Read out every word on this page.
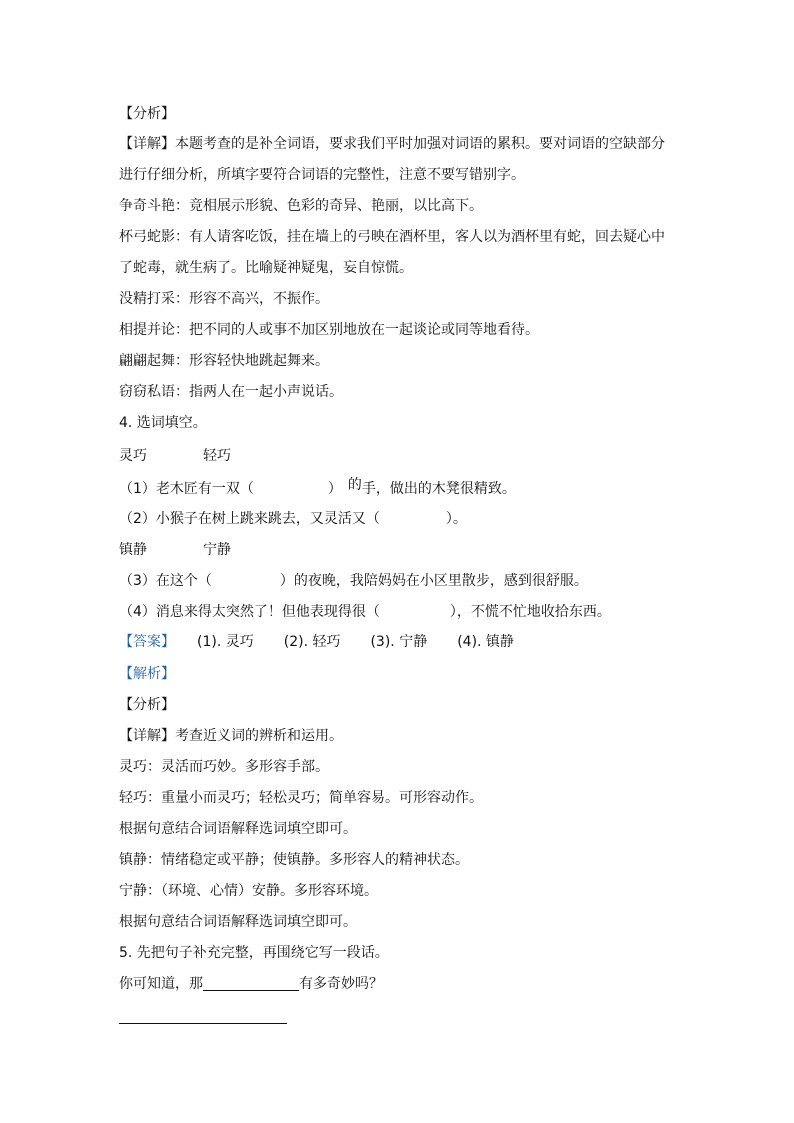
【分析】
【详解】本题考查的是补全词语，要求我们平时加强对词语的累积。要对词语的空缺部分
进行仔细分析，所填字要符合词语的完整性，注意不要写错别字。
争奇斗艳：竞相展示形貌、色彩的奇异、艳丽，以比高下。
杯弓蛇影：有人请客吃饭，挂在墙上的弓映在酒杯里，客人以为酒杯里有蛇，回去疑心中
了蛇毒，就生病了。比喻疑神疑鬼，妄自惊慌。
没精打采：形容不高兴，不振作。
相提并论：把不同的人或事不加区别地放在一起谈论或同等地看待。
翩翩起舞：形容轻快地跳起舞来。
窃窃私语：指两人在一起小声说话。
4. 选词填空。
灵巧	轻巧
（1）老木匠有一双（	） 的手，做出的木凳很精致。
（2）小猴子在树上跳来跳去，又灵活又（	）。
镇静	宁静
（3）在这个（	）的夜晚，我陪妈妈在小区里散步，感到很舒服。
（4）消息来得太突然了！但他表现得很（	），不慌不忙地收拾东西。
【答案】 (1). 灵巧 (2). 轻巧 (3). 宁静 (4). 镇静
【解析】
【分析】
【详解】考查近义词的辨析和运用。
灵巧：灵活而巧妙。多形容手部。
轻巧：重量小而灵巧；轻松灵巧；简单容易。可形容动作。
根据句意结合词语解释选词填空即可。
镇静：情绪稳定或平静；使镇静。多形容人的精神状态。
宁静：（环境、心情）安静。多形容环境。
根据句意结合词语解释选词填空即可。
5. 先把句子补充完整，再围绕它写一段话。
你可知道，那	有多奇妙吗？
